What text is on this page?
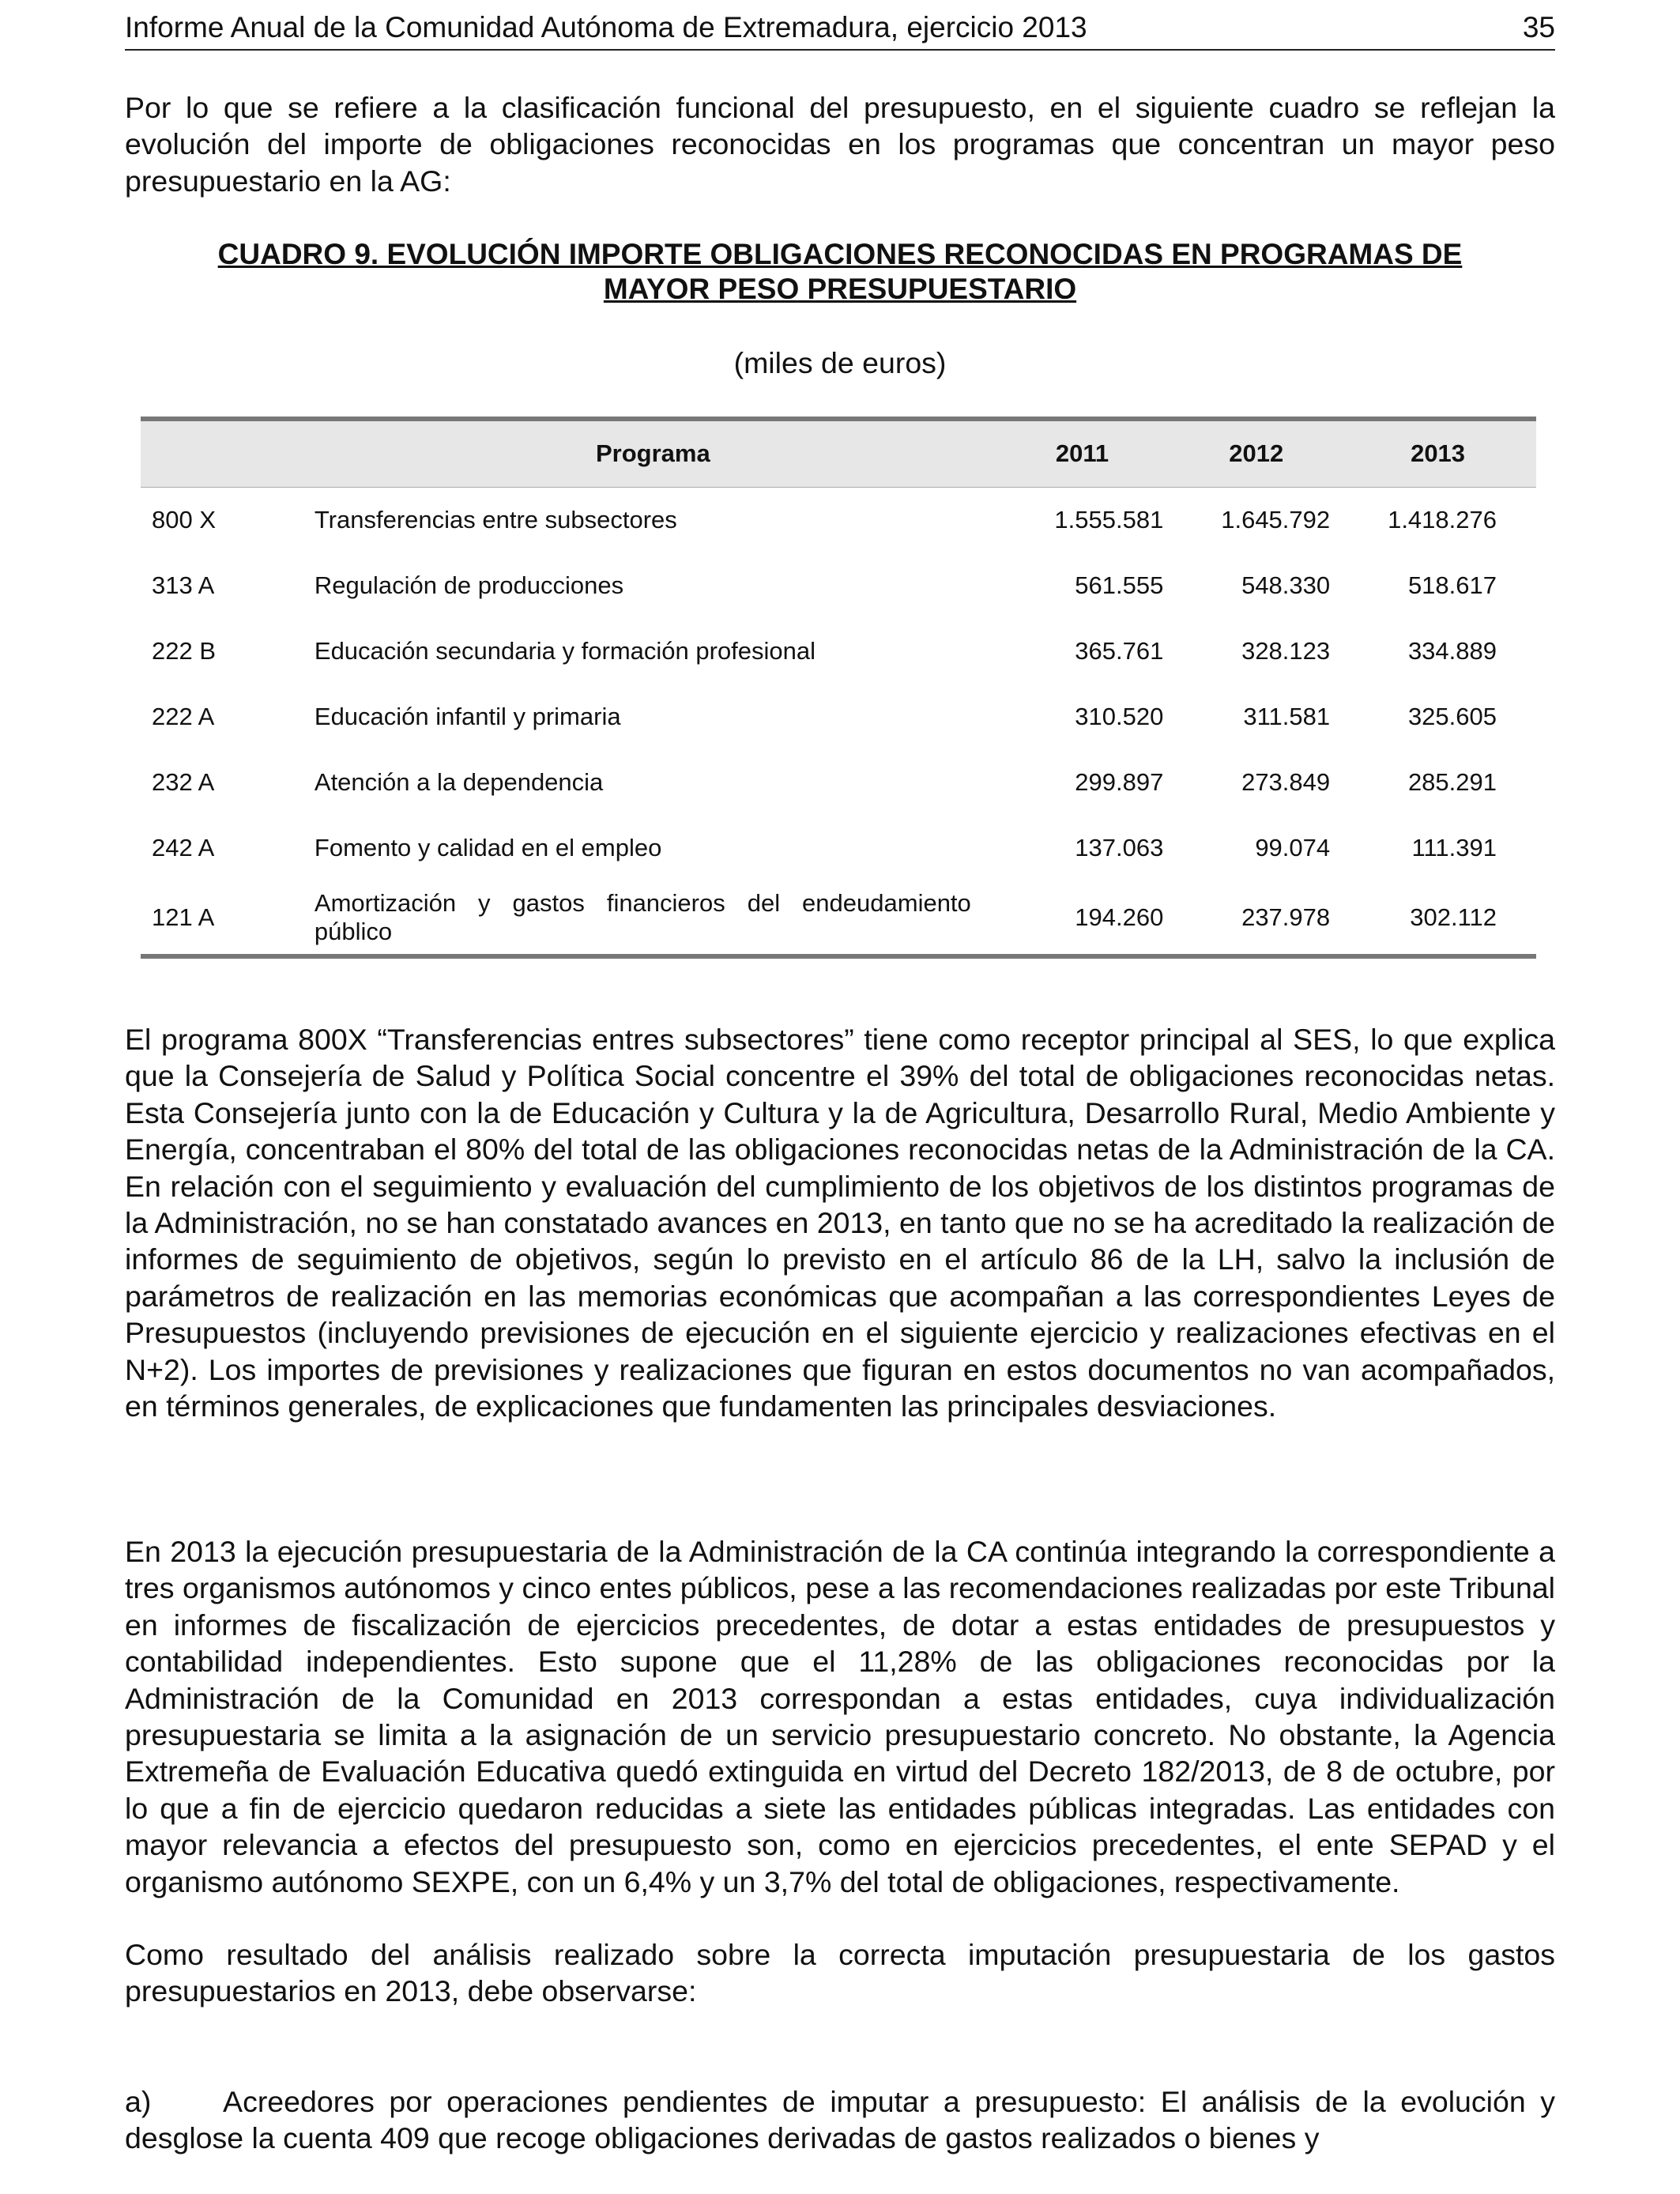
Informe Anual de la Comunidad Autónoma de Extremadura, ejercicio 2013	35

Por lo que se refiere a la clasificación funcional del presupuesto, en el siguiente cuadro se reflejan la evolución del importe de obligaciones reconocidas en los programas que concentran un mayor peso presupuestario en la AG:

CUADRO 9. EVOLUCIÓN IMPORTE OBLIGACIONES RECONOCIDAS EN PROGRAMAS DE
MAYOR PESO PRESUPUESTARIO
(miles de euros)
	Programa	2011	2012	2013
800 X	Transferencias entre subsectores	1.555.581	1.645.792	1.418.276
313 A	Regulación de producciones	561.555	548.330	518.617
222 B	Educación secundaria y formación profesional	365.761	328.123	334.889
222 A	Educación infantil y primaria	310.520	311.581	325.605
232 A	Atención a la dependencia	299.897	273.849	285.291
242 A	Fomento y calidad en el empleo	137.063	99.074	111.391
121 A	Amortización y gastos financieros del endeudamiento público	194.260	237.978	302.112

El programa 800X “Transferencias entres subsectores” tiene como receptor principal al SES, lo que explica que la Consejería de Salud y Política Social concentre el 39% del total de obligaciones reconocidas netas. Esta Consejería junto con la de Educación y Cultura y la de Agricultura, Desarrollo Rural, Medio Ambiente y Energía, concentraban el 80% del total de las obligaciones reconocidas netas de la Administración de la CA. En relación con el seguimiento y evaluación del cumplimiento de los objetivos de los distintos programas de la Administración, no se han constatado avances en 2013, en tanto que no se ha acreditado la realización de informes de seguimiento de objetivos, según lo previsto en el artículo 86 de la LH, salvo la inclusión de parámetros de realización en las memorias económicas que acompañan a las correspondientes Leyes de Presupuestos (incluyendo previsiones de ejecución en el siguiente ejercicio y realizaciones efectivas en el N+2). Los importes de previsiones y realizaciones que figuran en estos documentos no van acompañados, en términos generales, de explicaciones que fundamenten las principales desviaciones.

En 2013 la ejecución presupuestaria de la Administración de la CA continúa integrando la correspondiente a tres organismos autónomos y cinco entes públicos, pese a las recomendaciones realizadas por este Tribunal en informes de fiscalización de ejercicios precedentes, de dotar a estas entidades de presupuestos y contabilidad independientes. Esto supone que el 11,28% de las obligaciones reconocidas por la Administración de la Comunidad en 2013 correspondan a estas entidades, cuya individualización presupuestaria se limita a la asignación de un servicio presupuestario concreto. No obstante, la Agencia Extremeña de Evaluación Educativa quedó extinguida en virtud del Decreto 182/2013, de 8 de octubre, por lo que a fin de ejercicio quedaron reducidas a siete las entidades públicas integradas. Las entidades con mayor relevancia a efectos del presupuesto son, como en ejercicios precedentes, el ente SEPAD y el organismo autónomo SEXPE, con un 6,4% y un 3,7% del total de obligaciones, respectivamente.

Como resultado del análisis realizado sobre la correcta imputación presupuestaria de los gastos presupuestarios en 2013, debe observarse:

a)     Acreedores por operaciones pendientes de imputar a presupuesto: El análisis de la evolución y desglose la cuenta 409 que recoge obligaciones derivadas de gastos realizados o bienes y
